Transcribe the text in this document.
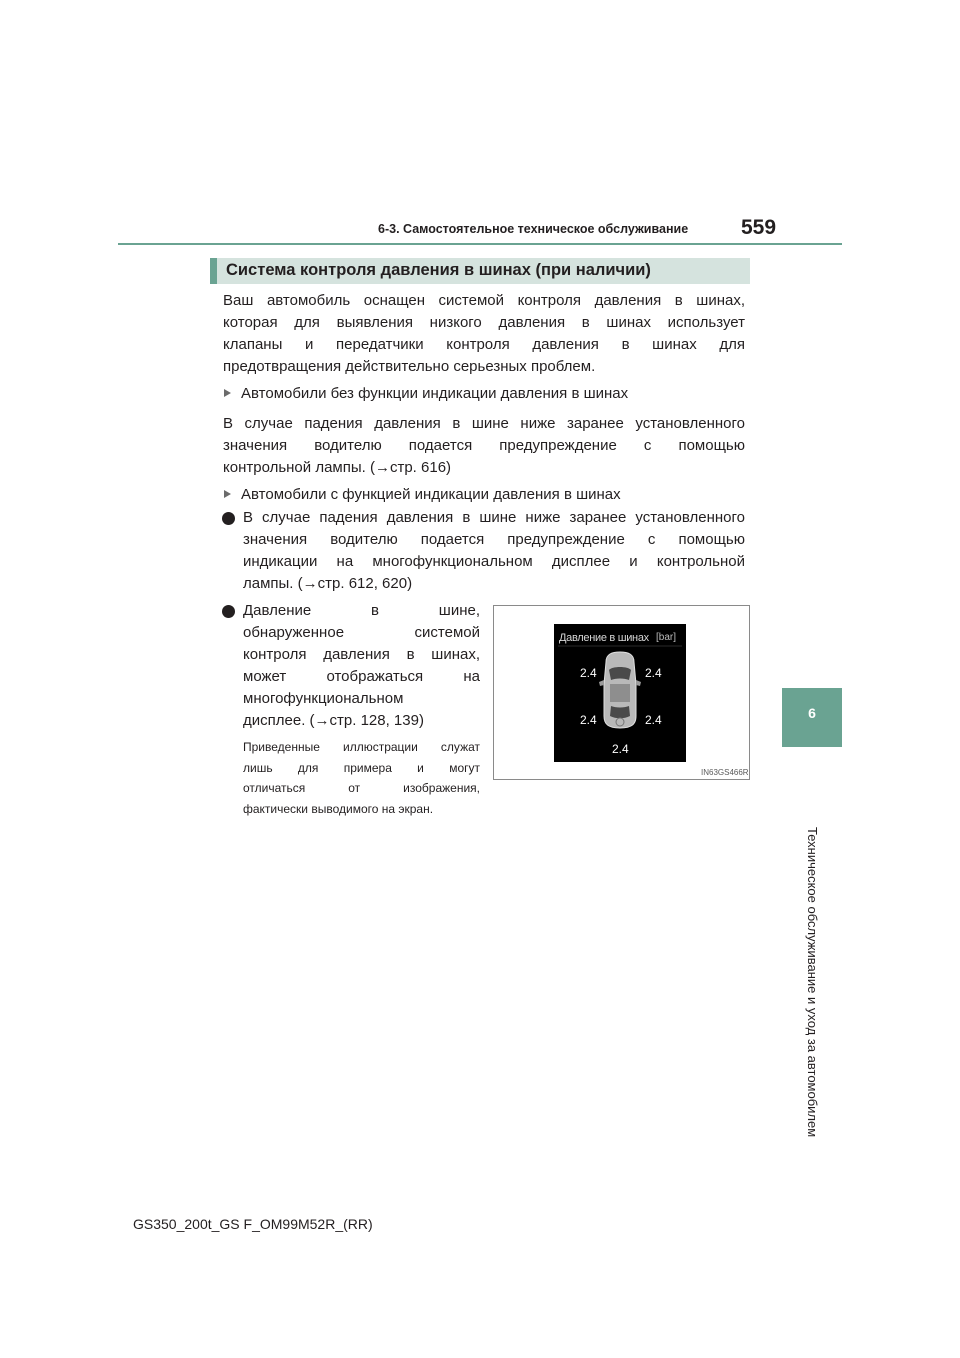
6-3. Самостоятельное техническое обслуживание	559
6
Техническое обслуживание и уход за автомобилем
Система контроля давления в шинах (при наличии)
Ваш автомобиль оснащен системой контроля давления в шинах,
которая для выявления низкого давления в шинах использует
клапаны и передатчики контроля давления в шинах для
предотвращения действительно серьезных проблем.
Автомобили без функции индикации давления в шинах
В случае падения давления в шине ниже заранее установленного
значения водителю подается предупреждение с помощью
контрольной лампы. (→стр. 616)
Автомобили с функцией индикации давления в шинах
В случае падения давления в шине ниже заранее установленного
значения водителю подается предупреждение с помощью
индикации на многофункциональном дисплее и контрольной
лампы. (→стр. 612, 620)
Давление в шине,
обнаруженное системой
контроля давления в шинах,
может отображаться на
многофункциональном
дисплее. (→стр. 128, 139)
Приведенные иллюстрации служат
лишь для примера и могут
отличаться от изображения,
фактически выводимого на экран.
Давление в шинах [bar]
2.4	2.4
2.4	2.4
2.4
IN63GS466R
GS350_200t_GS F_OM99M52R_(RR)
